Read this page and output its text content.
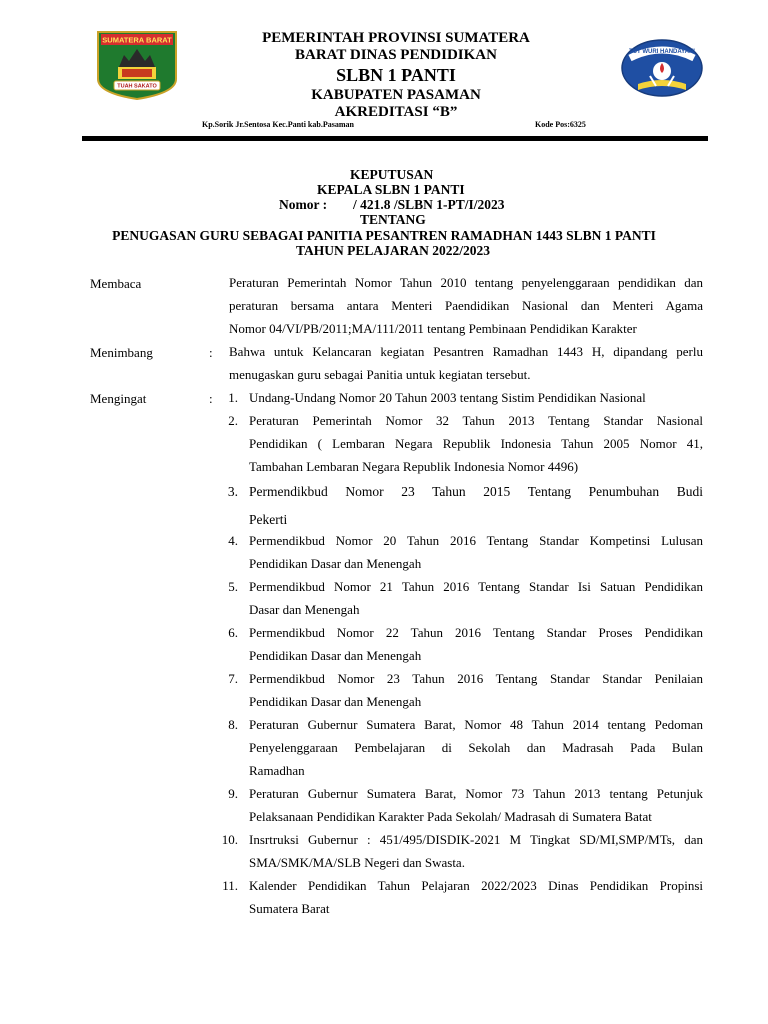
SUMATERA BARAT
TUAH SAKATO
PEMERINTAH PROVINSI SUMATERA
BARAT DINAS PENDIDIKAN
SLBN 1 PANTI
KABUPATEN PASAMAN
AKREDITASI “B”
TUT WURI HANDAYANI
Kp.Sorik Jr.Sentosa Kec.Panti kab.Pasaman	Kode Pos:6325
KEPUTUSAN
KEPALA SLBN 1 PANTI
Nomor : / 421.8 /SLBN 1-PT/I/2023
TENTANG
PENUGASAN GURU SEBAGAI PANITIA PESANTREN RAMADHAN 1443 SLBN 1 PANTI
TAHUN PELAJARAN 2022/2023
Membaca	Peraturan Pemerintah Nomor Tahun 2010 tentang penyelenggaraan pendidikan dan
peraturan bersama antara Menteri Paendidikan Nasional dan Menteri Agama
Nomor 04/VI/PB/2011;MA/111/2011 tentang Pembinaan Pendidikan Karakter
Menimbang	: Bahwa untuk Kelancaran kegiatan Pesantren Ramadhan 1443 H, dipandang perlu
menugaskan guru sebagai Panitia untuk kegiatan tersebut.
Mengingat	:	1. Undang-Undang Nomor 20 Tahun 2003 tentang Sistim Pendidikan Nasional
2. Peraturan Pemerintah Nomor 32 Tahun 2013 Tentang Standar Nasional
Pendidikan ( Lembaran Negara Republik Indonesia Tahun 2005 Nomor 41,
Tambahan Lembaran Negara Republik Indonesia Nomor 4496)
3. Permendikbud Nomor 23 Tahun 2015 Tentang Penumbuhan Budi
Pekerti
4. Permendikbud Nomor 20 Tahun 2016 Tentang Standar Kompetinsi Lulusan
Pendidikan Dasar dan Menengah
5. Permendikbud Nomor 21 Tahun 2016 Tentang Standar Isi Satuan Pendidikan
Dasar dan Menengah
6. Permendikbud Nomor 22 Tahun 2016 Tentang Standar Proses Pendidikan
Pendidikan Dasar dan Menengah
7. Permendikbud Nomor 23 Tahun 2016 Tentang Standar Standar Penilaian
Pendidikan Dasar dan Menengah
8. Peraturan Gubernur Sumatera Barat, Nomor 48 Tahun 2014 tentang Pedoman
Penyelenggaraan Pembelajaran di Sekolah dan Madrasah Pada Bulan
Ramadhan
9. Peraturan Gubernur Sumatera Barat, Nomor 73 Tahun 2013 tentang Petunjuk
Pelaksanaan Pendidikan Karakter Pada Sekolah/ Madrasah di Sumatera Batat
10. Insrtruksi Gubernur : 451/495/DISDIK-2021 M Tingkat SD/MI,SMP/MTs, dan
SMA/SMK/MA/SLB Negeri dan Swasta.
11. Kalender Pendidikan Tahun Pelajaran 2022/2023 Dinas Pendidikan Propinsi
Sumatera Barat
